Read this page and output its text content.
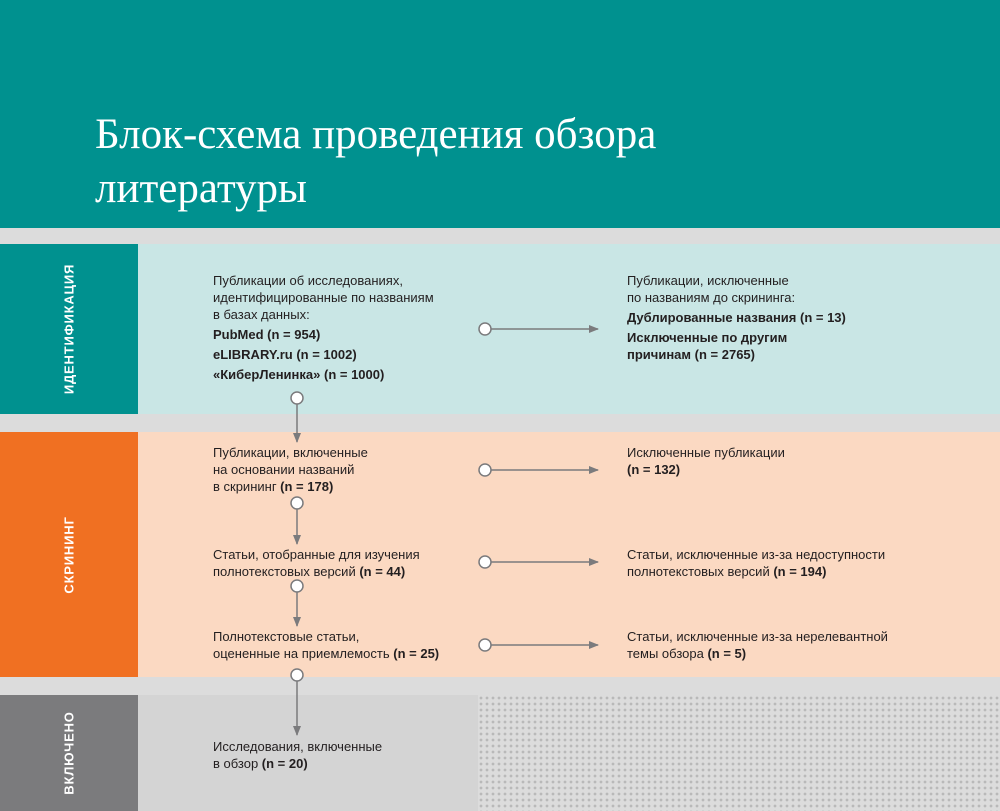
Блок-схема проведения обзора
литературы
ИДЕНТИФИКАЦИЯ
СКРИНИНГ
ВКЛЮЧЕНО
Публикации об исследованиях,
идентифицированные по названиям
в базах данных:
PubMed (n = 954)
eLIBRARY.ru (n = 1002)
«КиберЛенинка» (n = 1000)
Публикации, исключенные
по названиям до скрининга:
Дублированные названия (n = 13)
Исключенные по другим
причинам (n = 2765)
Публикации, включенные
на основании названий
в скрининг (n = 178)
Исключенные публикации
(n = 132)
Статьи, отобранные для изучения
полнотекстовых версий (n = 44)
Статьи, исключенные из-за недоступности
полнотекстовых версий (n = 194)
Полнотекстовые статьи,
оцененные на приемлемость (n = 25)
Статьи, исключенные из-за нерелевантной
темы обзора (n = 5)
Исследования, включенные
в обзор (n = 20)
